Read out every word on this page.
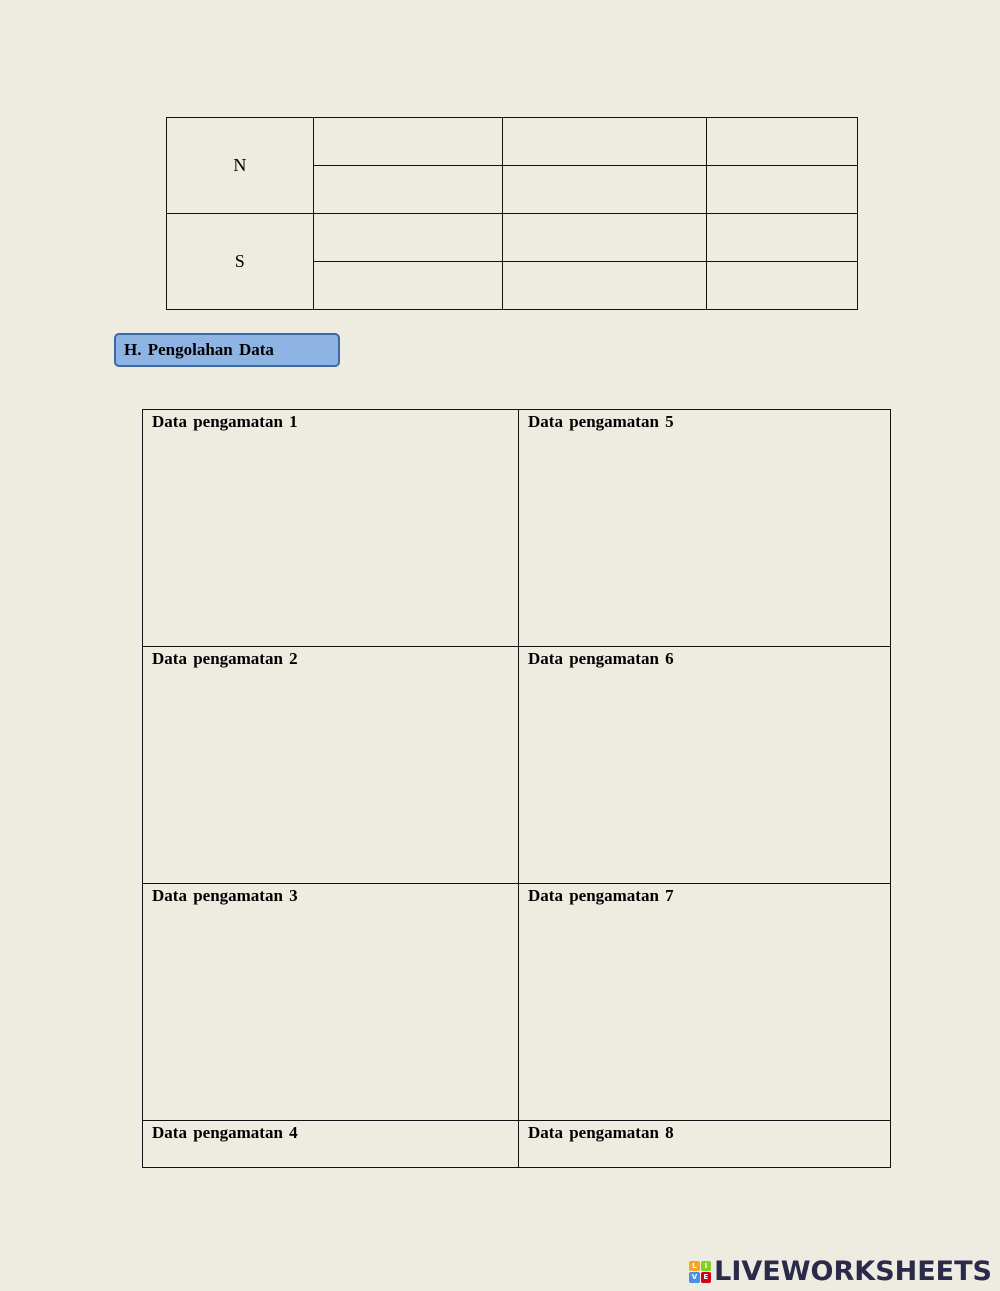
N	

S	

H. Pengolahan Data
Data pengamatan 1	Data pengamatan 5

Data pengamatan 2	Data pengamatan 6

Data pengamatan 3	Data pengamatan 7

Data pengamatan 4	Data pengamatan 8
L	I
V E LIVEWORKSHEETS
